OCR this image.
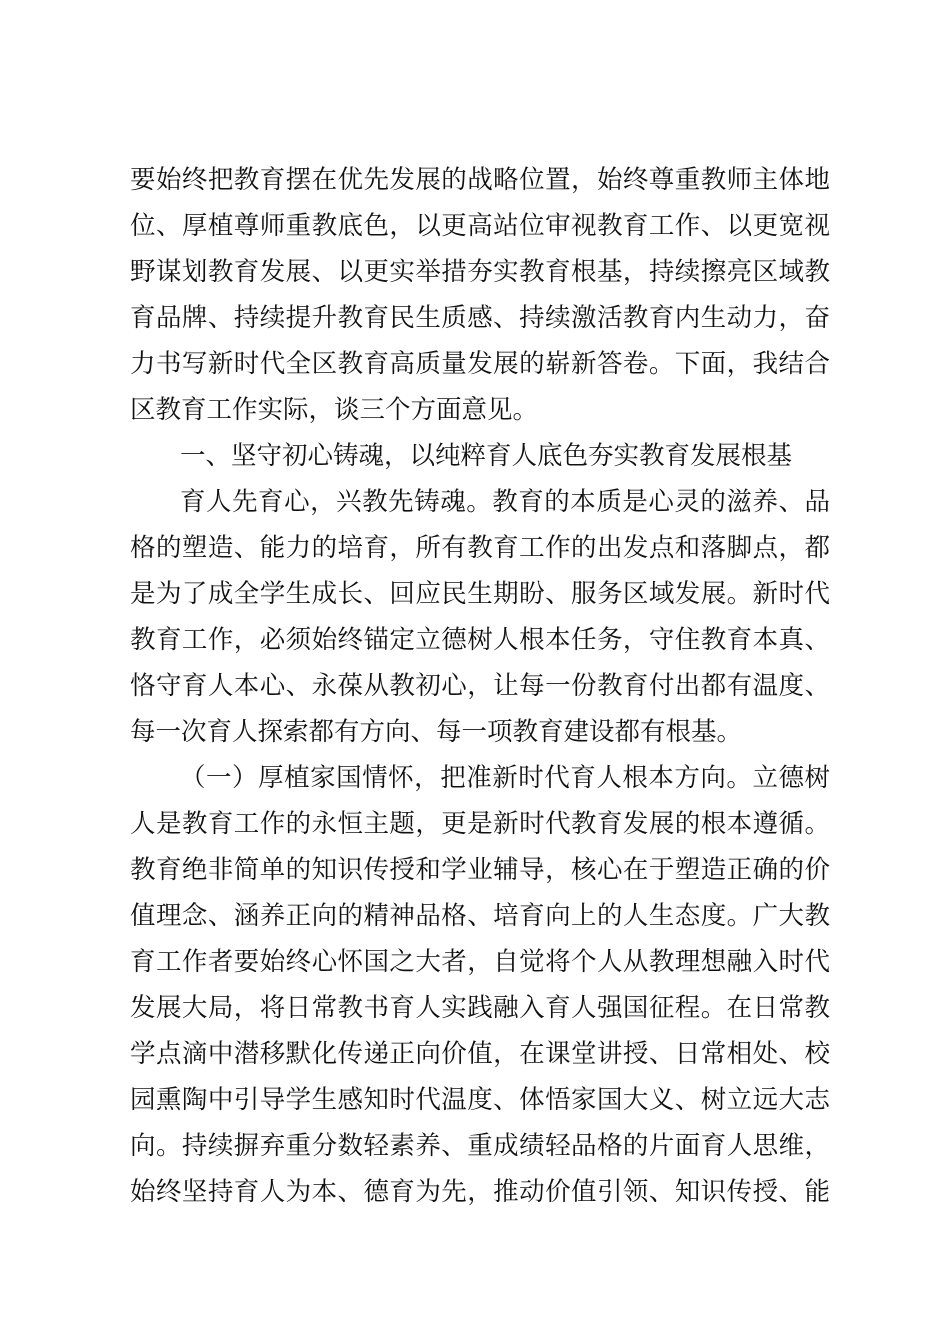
要始终把教育摆在优先发展的战略位置，始终尊重教师主体地
位、厚植尊师重教底色，以更高站位审视教育工作、以更宽视
野谋划教育发展、以更实举措夯实教育根基，持续擦亮区域教
育品牌、持续提升教育民生质感、持续激活教育内生动力，奋
力书写新时代全区教育高质量发展的崭新答卷。下面，我结合
区教育工作实际，谈三个方面意见。
一、坚守初心铸魂，以纯粹育人底色夯实教育发展根基
育人先育心，兴教先铸魂。教育的本质是心灵的滋养、品
格的塑造、能力的培育，所有教育工作的出发点和落脚点，都
是为了成全学生成长、回应民生期盼、服务区域发展。新时代
教育工作，必须始终锚定立德树人根本任务，守住教育本真、
恪守育人本心、永葆从教初心，让每一份教育付出都有温度、
每一次育人探索都有方向、每一项教育建设都有根基。
（一）厚植家国情怀，把准新时代育人根本方向。立德树
人是教育工作的永恒主题，更是新时代教育发展的根本遵循。
教育绝非简单的知识传授和学业辅导，核心在于塑造正确的价
值理念、涵养正向的精神品格、培育向上的人生态度。广大教
育工作者要始终心怀国之大者，自觉将个人从教理想融入时代
发展大局，将日常教书育人实践融入育人强国征程。在日常教
学点滴中潜移默化传递正向价值，在课堂讲授、日常相处、校
园熏陶中引导学生感知时代温度、体悟家国大义、树立远大志
向。持续摒弃重分数轻素养、重成绩轻品格的片面育人思维，
始终坚持育人为本、德育为先，推动价值引领、知识传授、能
